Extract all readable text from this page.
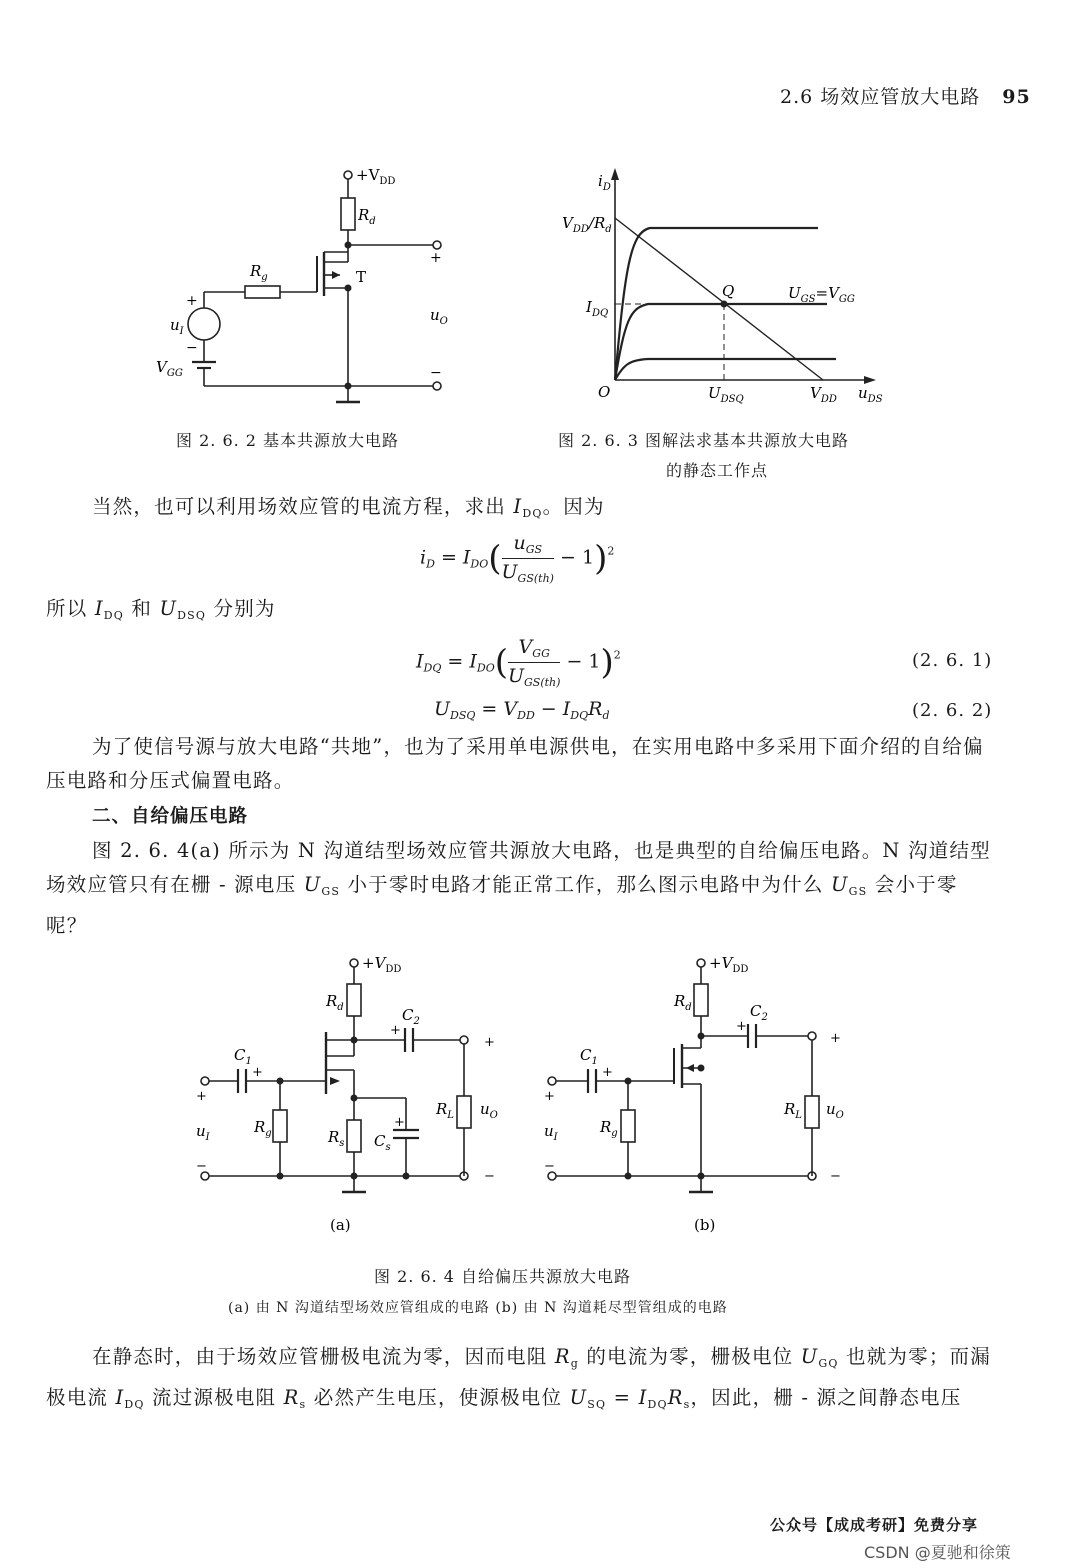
2.6 场效应管放大电路 95
$+V_{DD}$
$R_d$
$R_g$	T
+
$u_O$
−
+
$u_I$
−
$V_{GG}$
图 2. 6. 2 基本共源放大电路
$i_D$
$V_{DD}/R_d$
$I_{DQ}$
Q	$U_{GS}=V_{GG}$
O	$U_{DSQ}$	$V_{DD}$ $u_{DS}$
图 2. 6. 3 图解法求基本共源放大电路
的静态工作点

当然，也可以利用场效应管的电流方程，求出 $I_{DQ}$。因为

$i_D = I_{DO}( \frac{u_{GS}}{U_{GS(th)}} - 1)^2$

所以 $I_{DQ}$ 和 $U_{DSQ}$ 分别为

$I_{DQ} = I_{DO}( \frac{V_{GG}}{U_{GS(th)}} - 1)^2$	(2. 6. 1)
$U_{DSQ} = V_{DD} - I_{DQ}R_d$	(2. 6. 2)

为了使信号源与放大电路“共地”，也为了采用单电源供电，在实用电路中多采用下面介绍的自给偏压电路和分压式偏置电路。

二、自给偏压电路

图 2. 6. 4(a) 所示为 N 沟道结型场效应管共源放大电路，也是典型的自给偏压电路。N 沟道结型场效应管只有在栅 - 源电压 $U_{GS}$ 小于零时电路才能正常工作，那么图示电路中为什么 $U_{GS}$ 会小于零呢？

$+V_{DD}$
$R_d$	$C_2$
+
$C_1$
+
+
$u_I$
−
$R_g$	$R_s$ $C_s$
+
$R_L$ $u_O$
+
−
(a)
$+V_{DD}$
$R_d$	$C_2$
+
$C_1$
+
+
$u_I$
−
$R_g$
$R_L$ $u_O$
+
−
(b)
图 2. 6. 4 自给偏压共源放大电路
(a) 由 N 沟道结型场效应管组成的电路 (b) 由 N 沟道耗尽型管组成的电路

在静态时，由于场效应管栅极电流为零，因而电阻 $R_g$ 的电流为零，栅极电位 $U_{GQ}$ 也就为零；而漏极电流 $I_{DQ}$ 流过源极电阻 $R_s$ 必然产生电压，使源极电位 $U_{SQ} = I_{DQ}R_s$，因此，栅 - 源之间静态电压

公众号【成成考研】免费分享
CSDN @夏驰和徐策
